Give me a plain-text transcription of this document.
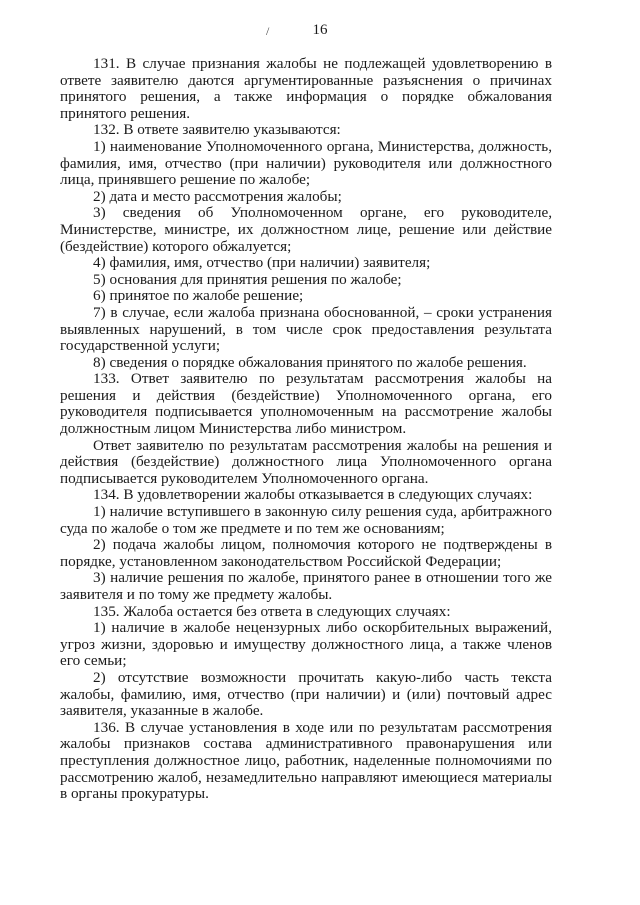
/	16

131. В случае признания жалобы не подлежащей удовлетворению в ответе заявителю даются аргументированные разъяснения о причинах принятого решения, а также информация о порядке обжалования принятого решения.

132. В ответе заявителю указываются:

1) наименование Уполномоченного органа, Министерства, должность, фамилия, имя, отчество (при наличии) руководителя или должностного лица, принявшего решение по жалобе;

2) дата и место рассмотрения жалобы;

3) сведения об Уполномоченном органе, его руководителе, Министерстве, министре, их должностном лице, решение или действие (бездействие) которого обжалуется;

4) фамилия, имя, отчество (при наличии) заявителя;

5) основания для принятия решения по жалобе;

6) принятое по жалобе решение;

7) в случае, если жалоба признана обоснованной, – сроки устранения выявленных нарушений, в том числе срок предоставления результата государственной услуги;

8) сведения о порядке обжалования принятого по жалобе решения.

133. Ответ заявителю по результатам рассмотрения жалобы на решения и действия (бездействие) Уполномоченного органа, его руководителя подписывается уполномоченным на рассмотрение жалобы должностным лицом Министерства либо министром.

Ответ заявителю по результатам рассмотрения жалобы на решения и действия (бездействие) должностного лица Уполномоченного органа подписывается руководителем Уполномоченного органа.

134. В удовлетворении жалобы отказывается в следующих случаях:

1) наличие вступившего в законную силу решения суда, арбитражного суда по жалобе о том же предмете и по тем же основаниям;

2) подача жалобы лицом, полномочия которого не подтверждены в порядке, установленном законодательством Российской Федерации;

3) наличие решения по жалобе, принятого ранее в отношении того же заявителя и по тому же предмету жалобы.

135. Жалоба остается без ответа в следующих случаях:

1) наличие в жалобе нецензурных либо оскорбительных выражений, угроз жизни, здоровью и имуществу должностного лица, а также членов его семьи;

2) отсутствие возможности прочитать какую-либо часть текста жалобы, фамилию, имя, отчество (при наличии) и (или) почтовый адрес заявителя, указанные в жалобе.

136. В случае установления в ходе или по результатам рассмотрения жалобы признаков состава административного правонарушения или преступления должностное лицо, работник, наделенные полномочиями по рассмотрению жалоб, незамедлительно направляют имеющиеся материалы в органы прокуратуры.
